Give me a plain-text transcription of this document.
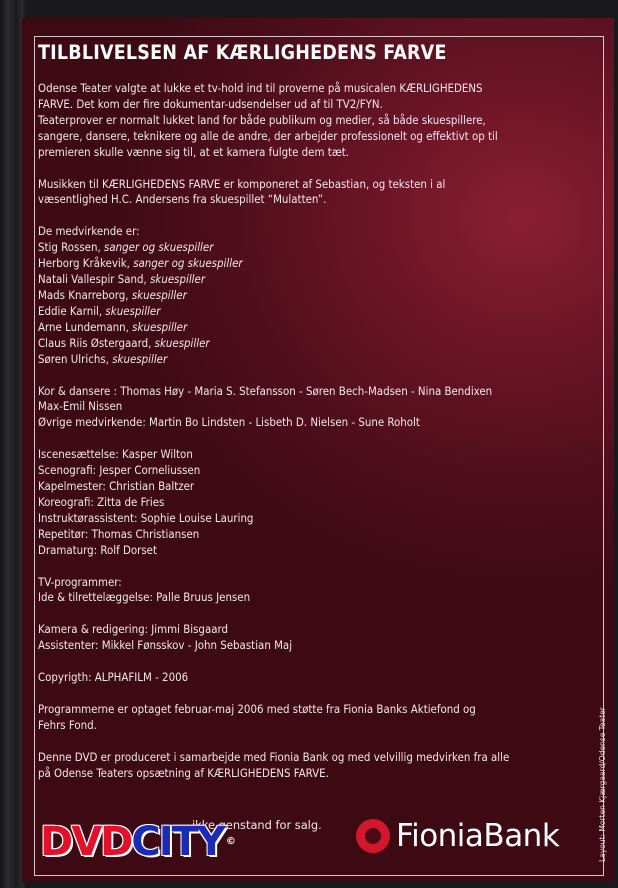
TILBLIVELSEN AF KÆRLIGHEDENS FARVE
Odense Teater valgte at lukke et tv-hold ind til proverne på musicalen KÆRLIGHEDENS
FARVE. Det kom der fire dokumentar-udsendelser ud af til TV2/FYN.
Teaterprover er normalt lukket land for både publikum og medier, så både skuespillere,
sangere, dansere, teknikere og alle de andre, der arbejder professionelt og effektivt op til
premieren skulle vænne sig til, at et kamera fulgte dem tæt.
Musikken til KÆRLIGHEDENS FARVE er komponeret af Sebastian, og teksten i al
væsentlighed H.C. Andersens fra skuespillet “Mulatten”.
De medvirkende er:
Stig Rossen, sanger og skuespiller
Herborg Kråkevik, sanger og skuespiller
Natali Vallespir Sand, skuespiller
Mads Knarreborg, skuespiller
Eddie Karnil, skuespiller
Arne Lundemann, skuespiller
Claus Riis Østergaard, skuespiller
Søren Ulrichs, skuespiller
Kor & dansere : Thomas Høy - Maria S. Stefansson - Søren Bech-Madsen - Nina Bendixen
Max-Emil Nissen
Øvrige medvirkende: Martin Bo Lindsten - Lisbeth D. Nielsen - Sune Roholt
Iscenesættelse: Kasper Wilton
Scenografi: Jesper Corneliussen
Kapelmester: Christian Baltzer
Koreografi: Zitta de Fries
Instruktørassistent: Sophie Louise Lauring
Repetitør: Thomas Christiansen
Dramaturg: Rolf Dorset
TV-programmer:
Ide & tilrettelæggelse: Palle Bruus Jensen
Kamera & redigering: Jimmi Bisgaard
Assistenter: Mikkel Fønsskov - John Sebastian Maj
Copyrigth: ALPHAFILM - 2006
Programmerne er optaget februar-maj 2006 med støtte fra Fionia Banks Aktiefond og
Fehrs Fond.
Denne DVD er produceret i samarbejde med Fionia Bank og med velvillig medvirken fra alle
på Odense Teaters opsætning af KÆRLIGHEDENS FARVE.
ikke genstand for salg.
DVDCITY ©	FioniaBank	Layout: Morten Kjærgaard/Odense Teater
